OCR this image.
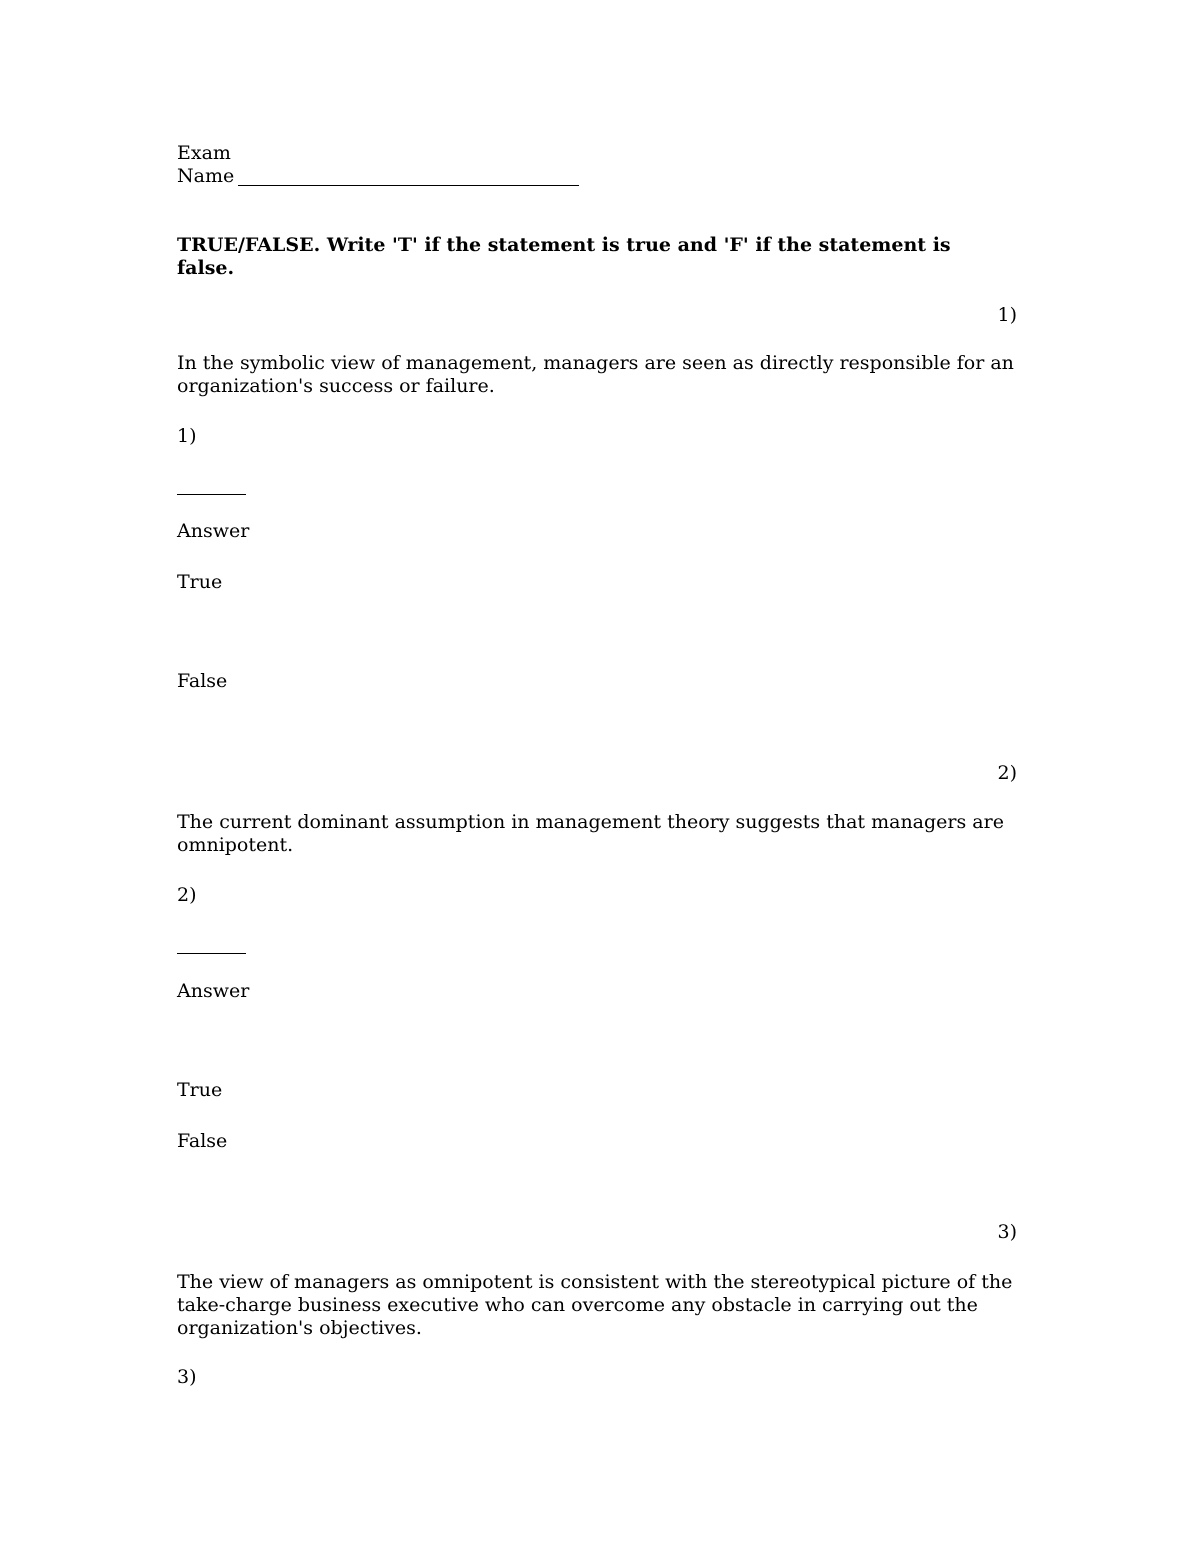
Exam
Name
TRUE/FALSE. Write 'T' if the statement is true and 'F' if the statement is false.
1)
In the symbolic view of management, managers are seen as directly responsible for an organization's success or failure.
1)
Answer
True
False
2)
The current dominant assumption in management theory suggests that managers are omnipotent.
2)
Answer
True
False
3)
The view of managers as omnipotent is consistent with the stereotypical picture of the take-charge business executive who can overcome any obstacle in carrying out the organization's objectives.
3)
